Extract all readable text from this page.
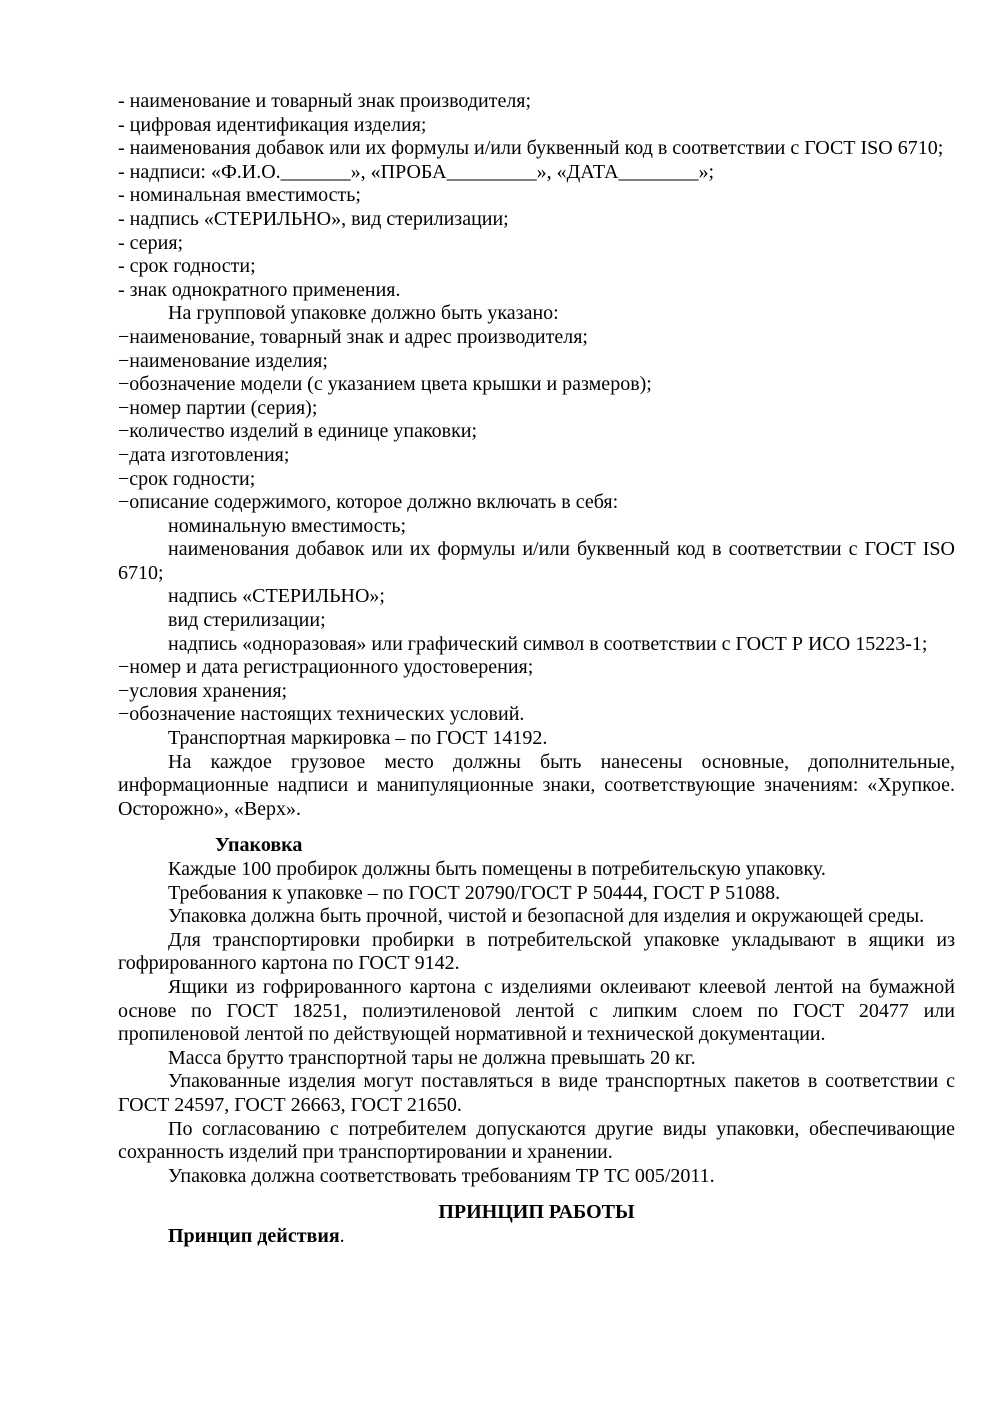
- наименование и товарный знак производителя;

- цифровая идентификация изделия;

- наименования добавок или их формулы и/или буквенный код в соответствии с ГОСТ ISO 6710;

- надписи: «Ф.И.О._______», «ПРОБА_________», «ДАТА________»;

- номинальная вместимость;

- надпись «СТЕРИЛЬНО», вид стерилизации;

- серия;

- срок годности;

- знак однократного применения.

На групповой упаковке должно быть указано:

−наименование, товарный знак и адрес производителя;

−наименование изделия;

−обозначение модели (с указанием цвета крышки и размеров);

−номер партии (серия);

−количество изделий в единице упаковки;

−дата изготовления;

−срок годности;

−описание содержимого, которое должно включать в себя:

номинальную вместимость;

наименования добавок или их формулы и/или буквенный код в соответствии с ГОСТ ISO 6710;

надпись «СТЕРИЛЬНО»;

вид стерилизации;

надпись «одноразовая» или графический символ в соответствии с ГОСТ Р ИСО 15223-1;

−номер и дата регистрационного удостоверения;

−условия хранения;

−обозначение настоящих технических условий.

Транспортная маркировка – по ГОСТ 14192.

На каждое грузовое место должны быть нанесены основные, дополнительные, информационные надписи и манипуляционные знаки, соответствующие значениям: «Хрупкое. Осторожно», «Верх».

Упаковка

Каждые 100 пробирок должны быть помещены в потребительскую упаковку.

Требования к упаковке – по ГОСТ 20790/ГОСТ Р 50444, ГОСТ Р 51088.

Упаковка должна быть прочной, чистой и безопасной для изделия и окружающей среды.

Для транспортировки пробирки в потребительской упаковке укладывают в ящики из гофрированного картона по ГОСТ 9142.

Ящики из гофрированного картона с изделиями оклеивают клеевой лентой на бумажной основе по ГОСТ 18251, полиэтиленовой лентой с липким слоем по ГОСТ 20477 или пропиленовой лентой по действующей нормативной и технической документации.

Масса брутто транспортной тары не должна превышать 20 кг.

Упакованные изделия могут поставляться в виде транспортных пакетов в соответствии с ГОСТ 24597, ГОСТ 26663, ГОСТ 21650.

По согласованию с потребителем допускаются другие виды упаковки, обеспечивающие сохранность изделий при транспортировании и хранении.

Упаковка должна соответствовать требованиям ТР ТС 005/2011.

ПРИНЦИП РАБОТЫ

Принцип действия.
